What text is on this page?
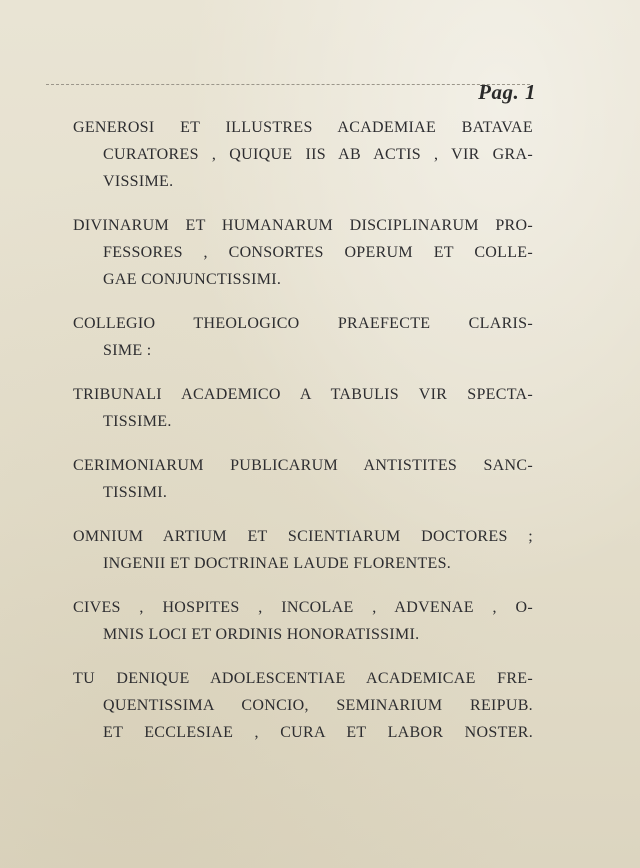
Pag. 1
GENEROSI ET ILLUSTRES ACADEMIAE BATAVAE
CURATORES , QUIQUE IIS AB ACTIS , VIR GRA-
VISSIME.
DIVINARUM ET HUMANARUM DISCIPLINARUM PRO-
FESSORES , CONSORTES OPERUM ET COLLE-
GAE CONJUNCTISSIMI.
COLLEGIO THEOLOGICO PRAEFECTE CLARIS-
SIME :
TRIBUNALI ACADEMICO A TABULIS VIR SPECTA-
TISSIME.
CERIMONIARUM PUBLICARUM ANTISTITES SANC-
TISSIMI.
OMNIUM ARTIUM ET SCIENTIARUM DOCTORES ;
INGENII ET DOCTRINAE LAUDE FLORENTES.
CIVES , HOSPITES , INCOLAE , ADVENAE , O-
MNIS LOCI ET ORDINIS HONORATISSIMI.
TU DENIQUE ADOLESCENTIAE ACADEMICAE FRE-
QUENTISSIMA CONCIO, SEMINARIUM REIPUB.
ET ECCLESIAE , CURA ET LABOR NOSTER.
